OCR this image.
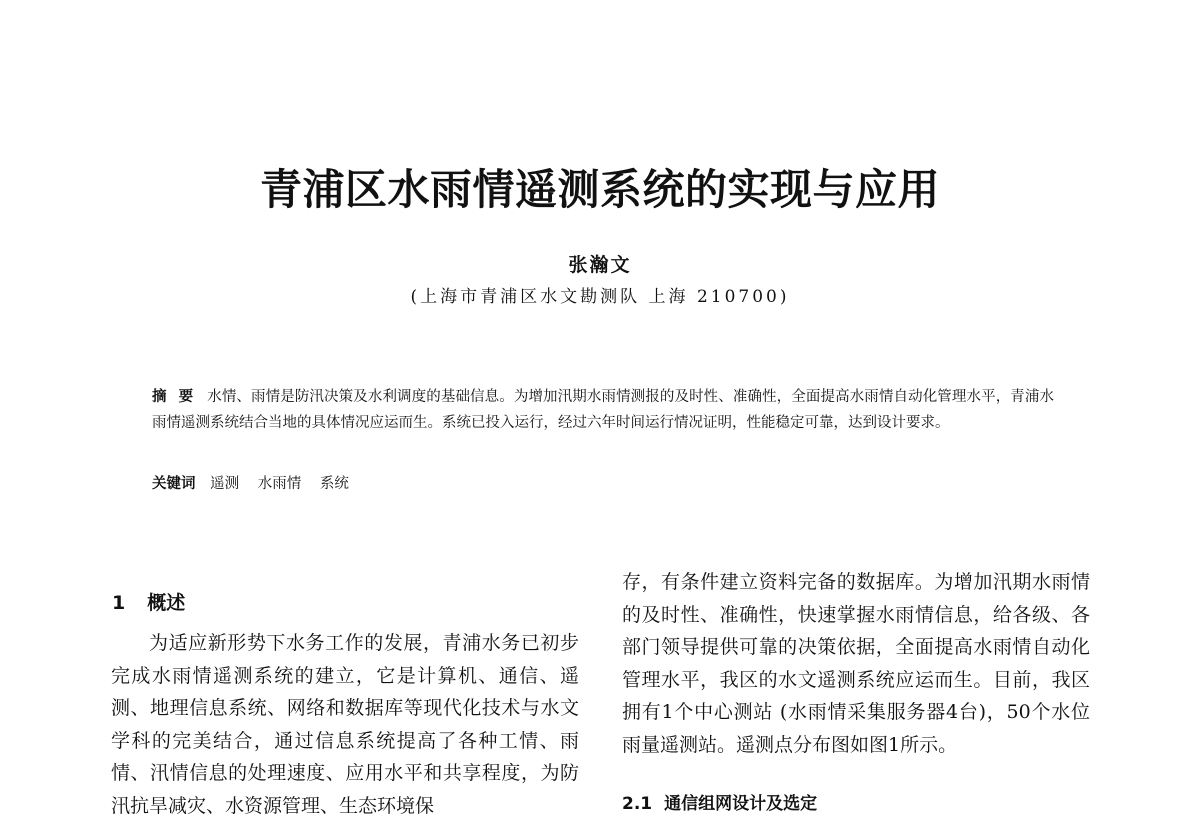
青浦区水雨情遥测系统的实现与应用
张瀚文
(上海市青浦区水文勘测队 上海 210700)
摘要 水情、雨情是防汛决策及水利调度的基础信息。为增加汛期水雨情测报的及时性、准确性，全面提高水雨情自动化管理水平，青浦水雨情遥测系统结合当地的具体情况应运而生。系统已投入运行，经过六年时间运行情况证明，性能稳定可靠，达到设计要求。
关键词 遥测 水雨情 系统
1 概述
为适应新形势下水务工作的发展，青浦水务已初步完成水雨情遥测系统的建立，它是计算机、通信、遥测、地理信息系统、网络和数据库等现代化技术与水文学科的完美结合，通过信息系统提高了各种工情、雨情、汛情信息的处理速度、应用水平和共享程度，为防汛抗旱减灾、水资源管理、生态环境保
存，有条件建立资料完备的数据库。为增加汛期水雨情的及时性、准确性，快速掌握水雨情信息，给各级、各部门领导提供可靠的决策依据，全面提高水雨情自动化管理水平，我区的水文遥测系统应运而生。目前，我区拥有1个中心测站 (水雨情采集服务器4台)，50个水位雨量遥测站。遥测点分布图如图1所示。
2.1 通信组网设计及选定
